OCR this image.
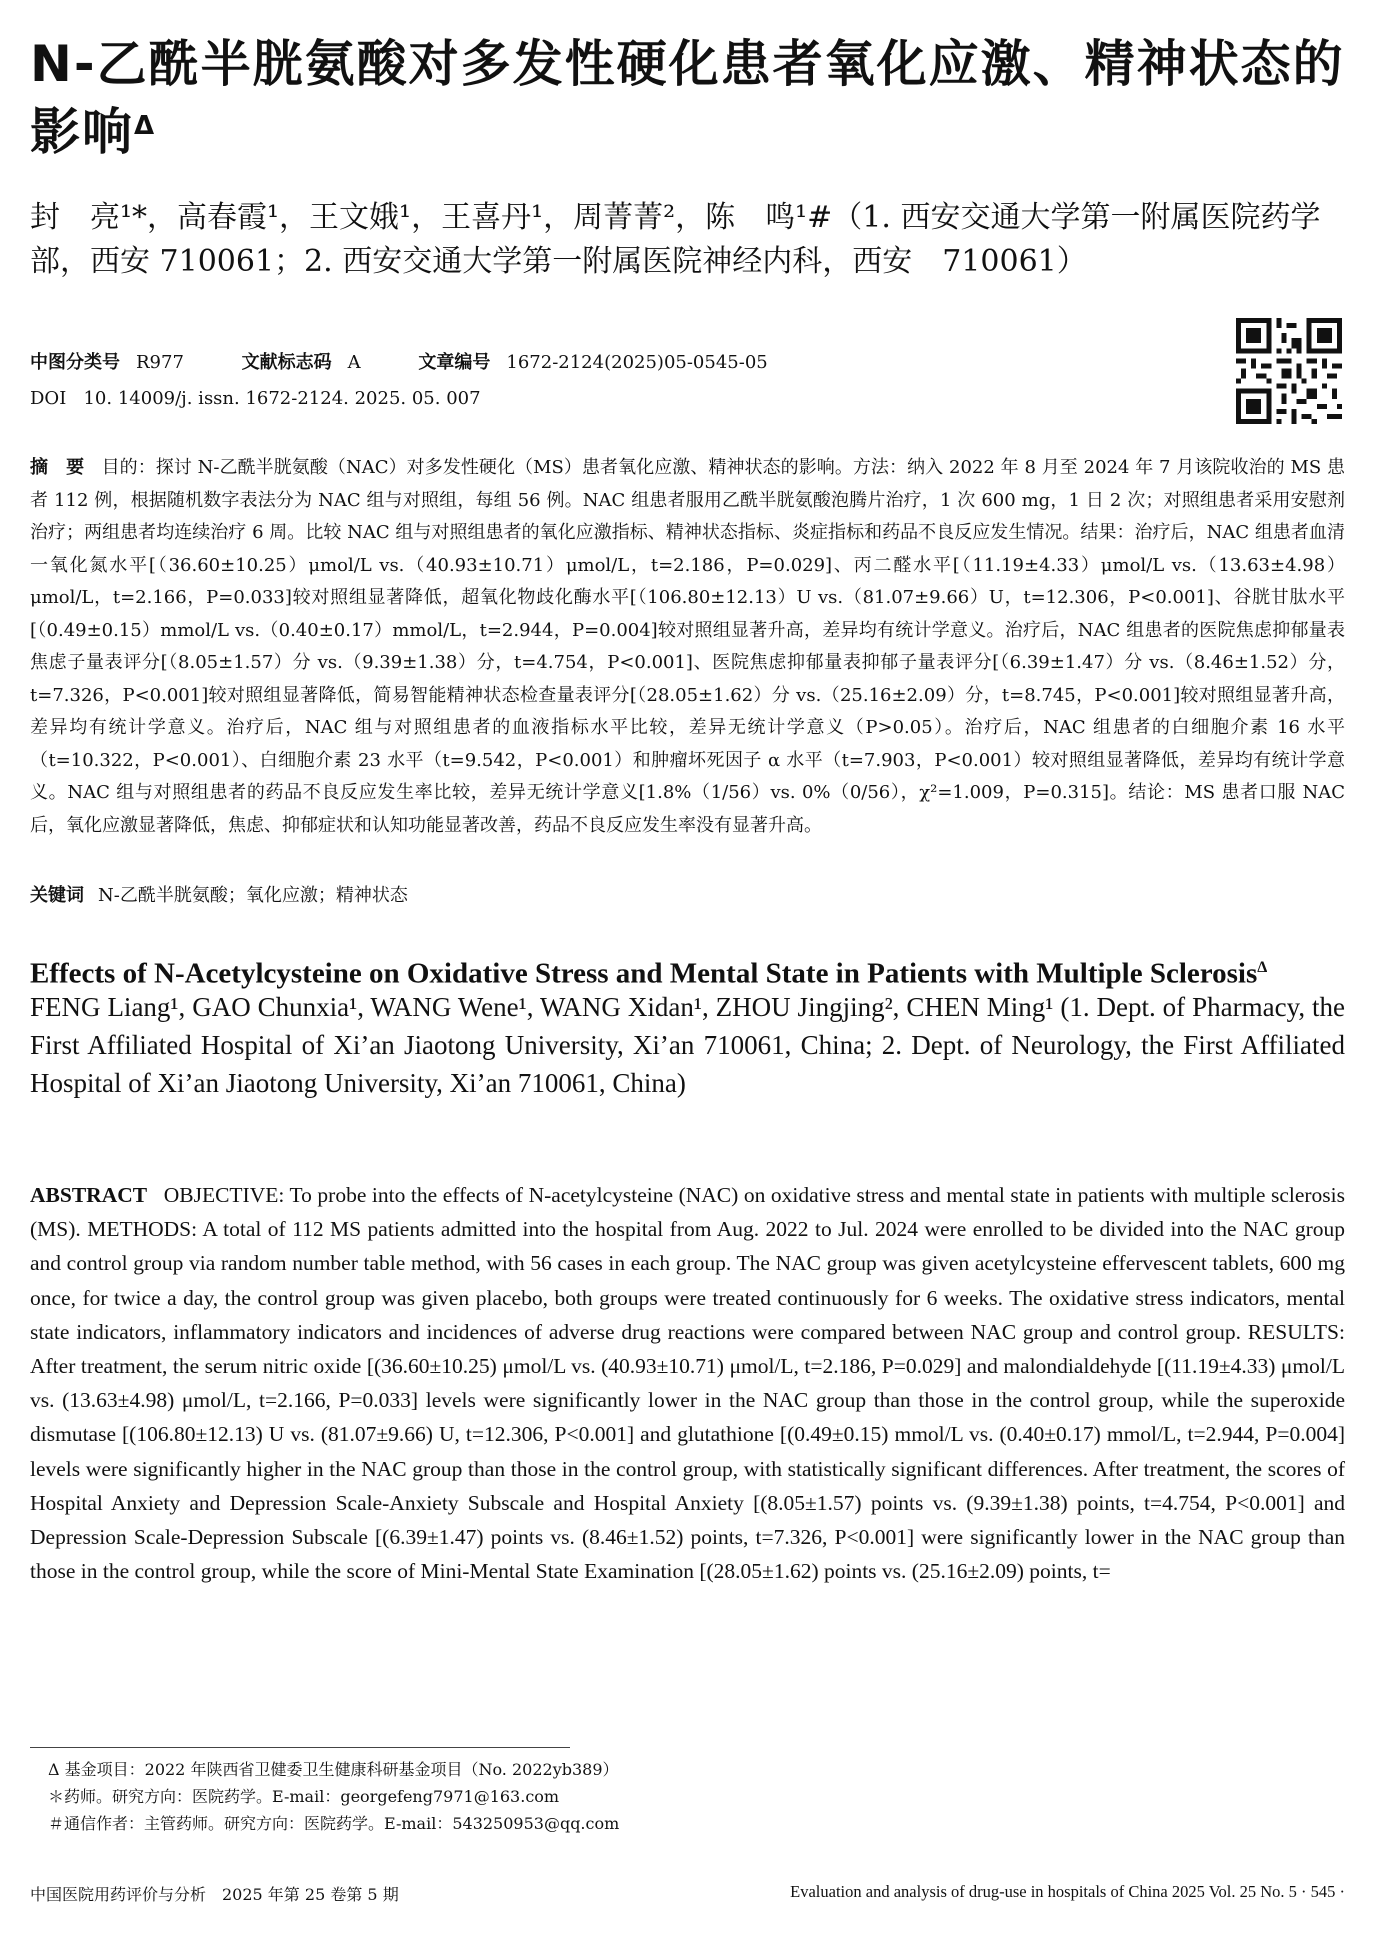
N-乙酰半胱氨酸对多发性硬化患者氧化应激、精神状态的影响$^\Delta$
封　亮¹*，高春霞¹，王文娥¹，王喜丹¹，周菁菁²，陈　鸣¹#（1. 西安交通大学第一附属医院药学部，西安 710061；2. 西安交通大学第一附属医院神经内科，西安　710061）
中图分类号 R977	文献标志码 A	文章编号 1672-2124(2025)05-0545-05
DOI 10. 14009/j. issn. 1672-2124. 2025. 05. 007
摘　要 目的：探讨 N-乙酰半胱氨酸（NAC）对多发性硬化（MS）患者氧化应激、精神状态的影响。方法：纳入 2022 年 8 月至 2024 年 7 月该院收治的 MS 患者 112 例，根据随机数字表法分为 NAC 组与对照组，每组 56 例。NAC 组患者服用乙酰半胱氨酸泡腾片治疗，1 次 600 mg，1 日 2 次；对照组患者采用安慰剂治疗；两组患者均连续治疗 6 周。比较 NAC 组与对照组患者的氧化应激指标、精神状态指标、炎症指标和药品不良反应发生情况。结果：治疗后，NAC 组患者血清一氧化氮水平[（36.60±10.25）μmol/L vs.（40.93±10.71）μmol/L，t=2.186，P=0.029]、丙二醛水平[（11.19±4.33）μmol/L vs.（13.63±4.98）μmol/L，t=2.166，P=0.033]较对照组显著降低，超氧化物歧化酶水平[（106.80±12.13）U vs.（81.07±9.66）U，t=12.306，P<0.001]、谷胱甘肽水平[（0.49±0.15）mmol/L vs.（0.40±0.17）mmol/L，t=2.944，P=0.004]较对照组显著升高，差异均有统计学意义。治疗后，NAC 组患者的医院焦虑抑郁量表焦虑子量表评分[（8.05±1.57）分 vs.（9.39±1.38）分，t=4.754，P<0.001]、医院焦虑抑郁量表抑郁子量表评分[（6.39±1.47）分 vs.（8.46±1.52）分，t=7.326，P<0.001]较对照组显著降低，简易智能精神状态检查量表评分[（28.05±1.62）分 vs.（25.16±2.09）分，t=8.745，P<0.001]较对照组显著升高，差异均有统计学意义。治疗后，NAC 组与对照组患者的血液指标水平比较，差异无统计学意义（P>0.05）。治疗后，NAC 组患者的白细胞介素 16 水平（t=10.322，P<0.001）、白细胞介素 23 水平（t=9.542，P<0.001）和肿瘤坏死因子 α 水平（t=7.903，P<0.001）较对照组显著降低，差异均有统计学意义。NAC 组与对照组患者的药品不良反应发生率比较，差异无统计学意义[1.8%（1/56）vs. 0%（0/56），χ²=1.009，P=0.315]。结论：MS 患者口服 NAC 后，氧化应激显著降低，焦虑、抑郁症状和认知功能显著改善，药品不良反应发生率没有显著升高。
关键词 N-乙酰半胱氨酸；氧化应激；精神状态
Effects of N-Acetylcysteine on Oxidative Stress and Mental State in Patients with Multiple Sclerosis$^\Delta$
FENG Liang¹, GAO Chunxia¹, WANG Wene¹, WANG Xidan¹, ZHOU Jingjing², CHEN Ming¹ (1. Dept. of Pharmacy, the First Affiliated Hospital of Xi’an Jiaotong University, Xi’an 710061, China; 2. Dept. of Neurology, the First Affiliated Hospital of Xi’an Jiaotong University, Xi’an 710061, China)
ABSTRACT OBJECTIVE: To probe into the effects of N-acetylcysteine (NAC) on oxidative stress and mental state in patients with multiple sclerosis (MS). METHODS: A total of 112 MS patients admitted into the hospital from Aug. 2022 to Jul. 2024 were enrolled to be divided into the NAC group and control group via random number table method, with 56 cases in each group. The NAC group was given acetylcysteine effervescent tablets, 600 mg once, for twice a day, the control group was given placebo, both groups were treated continuously for 6 weeks. The oxidative stress indicators, mental state indicators, inflammatory indicators and incidences of adverse drug reactions were compared between NAC group and control group. RESULTS: After treatment, the serum nitric oxide [(36.60±10.25) μmol/L vs. (40.93±10.71) μmol/L, t=2.186, P=0.029] and malondialdehyde [(11.19±4.33) μmol/L vs. (13.63±4.98) μmol/L, t=2.166, P=0.033] levels were significantly lower in the NAC group than those in the control group, while the superoxide dismutase [(106.80±12.13) U vs. (81.07±9.66) U, t=12.306, P<0.001] and glutathione [(0.49±0.15) mmol/L vs. (0.40±0.17) mmol/L, t=2.944, P=0.004] levels were significantly higher in the NAC group than those in the control group, with statistically significant differences. After treatment, the scores of Hospital Anxiety and Depression Scale-Anxiety Subscale and Hospital Anxiety [(8.05±1.57) points vs. (9.39±1.38) points, t=4.754, P<0.001] and Depression Scale-Depression Subscale [(6.39±1.47) points vs. (8.46±1.52) points, t=7.326, P<0.001] were significantly lower in the NAC group than those in the control group, while the score of Mini-Mental State Examination [(28.05±1.62) points vs. (25.16±2.09) points, t=
Δ 基金项目：2022 年陕西省卫健委卫生健康科研基金项目（No. 2022yb389）
＊药师。研究方向：医院药学。E-mail：georgefeng7971@163.com
＃通信作者：主管药师。研究方向：医院药学。E-mail：543250953@qq.com
中国医院用药评价与分析　2025 年第 25 卷第 5 期	Evaluation and analysis of drug-use in hospitals of China 2025 Vol. 25 No. 5 · 545 ·
